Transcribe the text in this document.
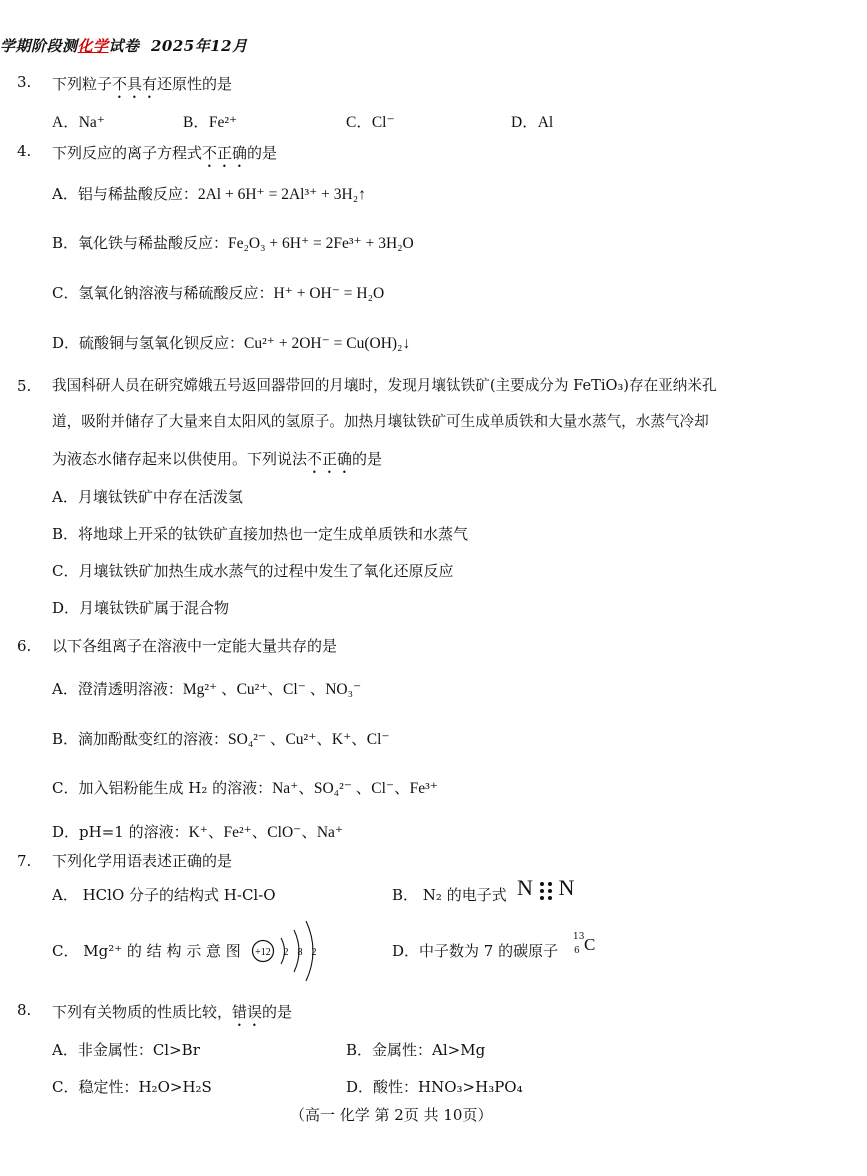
学期阶段测化学试卷 2025年12月
3. 下列粒子不具有还原性的是
A．Na⁺	B．Fe²⁺	C．Cl⁻	D．Al
4. 下列反应的离子方程式不正确的是
A．铝与稀盐酸反应：2Al + 6H⁺ = 2Al³⁺ + 3H₂↑
B．氧化铁与稀盐酸反应：Fe₂O₃ + 6H⁺ = 2Fe³⁺ + 3H₂O
C．氢氧化钠溶液与稀硫酸反应：H⁺ + OH⁻ = H₂O
D．硫酸铜与氢氧化钡反应：Cu²⁺ + 2OH⁻ = Cu(OH)₂↓
5. 我国科研人员在研究嫦娥五号返回器带回的月壤时，发现月壤钛铁矿(主要成分为 FeTiO₃)存在亚纳米孔
道，吸附并储存了大量来自太阳风的氢原子。加热月壤钛铁矿可生成单质铁和大量水蒸气，水蒸气冷却
为液态水储存起来以供使用。下列说法不正确的是
A．月壤钛铁矿中存在活泼氢
B．将地球上开采的钛铁矿直接加热也一定生成单质铁和水蒸气
C．月壤钛铁矿加热生成水蒸气的过程中发生了氧化还原反应
D．月壤钛铁矿属于混合物
6. 以下各组离子在溶液中一定能大量共存的是
A．澄清透明溶液：Mg²⁺ 、Cu²⁺、Cl⁻ 、NO₃⁻
B．滴加酚酞变红的溶液：SO₄²⁻ 、Cu²⁺、K⁺、Cl⁻
C．加入铝粉能生成 H₂ 的溶液：Na⁺、SO₄²⁻ 、Cl⁻、Fe³⁺
D．pH=1 的溶液：K⁺、Fe²⁺、ClO⁻、Na⁺
7. 下列化学用语表述正确的是
A． HClO 分子的结构式 H-Cl-O	B． N₂ 的电子式 N N
C． Mg²⁺ 的 结 构 示 意 图 +12 2 8 2	D．中子数为 7 的碳原子
13
6 C
8. 下列有关物质的性质比较，错误的是
A．非金属性：Cl>Br	B．金属性：Al>Mg
C．稳定性：H₂O>H₂S	D．酸性：HNO₃>H₃PO₄
（高一 化学 第 2页 共 10页）
